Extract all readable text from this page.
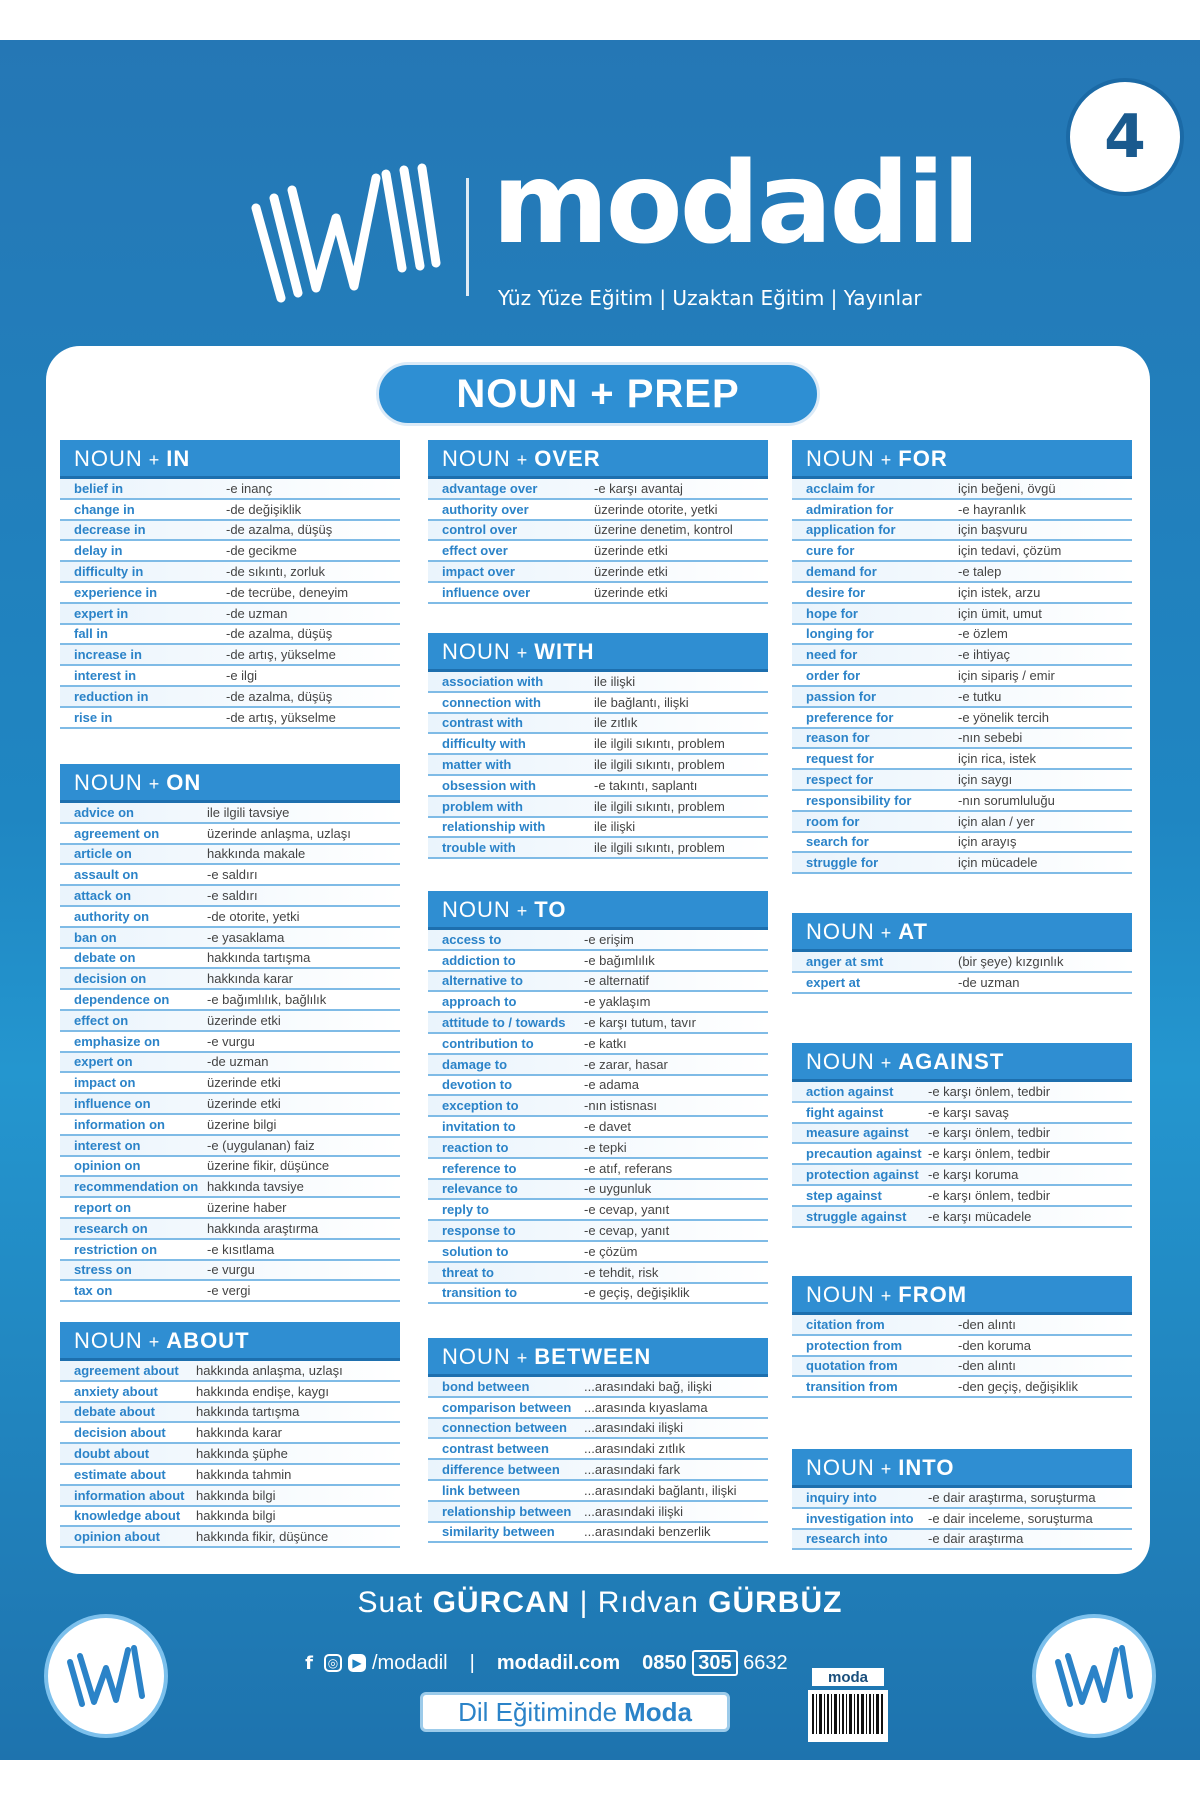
4
modadil
Yüz Yüze Eğitim | Uzaktan Eğitim | Yayınlar
NOUN + PREP
NOUN + IN
belief in	-e inanç
change in	-de değişiklik
decrease in	-de azalma, düşüş
delay in	-de gecikme
difficulty in	-de sıkıntı, zorluk
experience in	-de tecrübe, deneyim
expert in	-de uzman
fall in	-de azalma, düşüş
increase in	-de artış, yükselme
interest in	-e ilgi
reduction in	-de azalma, düşüş
rise in	-de artış, yükselme
NOUN + ON
advice on	ile ilgili tavsiye
agreement on	üzerinde anlaşma, uzlaşı
article on	hakkında makale
assault on	-e saldırı
attack on	-e saldırı
authority on	-de otorite, yetki
ban on	-e yasaklama
debate on	hakkında tartışma
decision on	hakkında karar
dependence on	-e bağımlılık, bağlılık
effect on	üzerinde etki
emphasize on	-e vurgu
expert on	-de uzman
impact on	üzerinde etki
influence on	üzerinde etki
information on	üzerine bilgi
interest on	-e (uygulanan) faiz
opinion on	üzerine fikir, düşünce
recommendation on hakkında tavsiye
report on	üzerine haber
research on	hakkında araştırma
restriction on	-e kısıtlama
stress on	-e vurgu
tax on	-e vergi
NOUN + ABOUT
agreement about	hakkında anlaşma, uzlaşı
anxiety about	hakkında endişe, kaygı
debate about	hakkında tartışma
decision about	hakkında karar
doubt about	hakkında şüphe
estimate about	hakkında tahmin
information about hakkında bilgi
knowledge about	hakkında bilgi
opinion about	hakkında fikir, düşünce
NOUN + OVER
advantage over	-e karşı avantaj
authority over	üzerinde otorite, yetki
control over	üzerine denetim, kontrol
effect over	üzerinde etki
impact over	üzerinde etki
influence over	üzerinde etki
NOUN + WITH
association with	ile ilişki
connection with	ile bağlantı, ilişki
contrast with	ile zıtlık
difficulty with	ile ilgili sıkıntı, problem
matter with	ile ilgili sıkıntı, problem
obsession with	-e takıntı, saplantı
problem with	ile ilgili sıkıntı, problem
relationship with	ile ilişki
trouble with	ile ilgili sıkıntı, problem
NOUN + TO
access to	-e erişim
addiction to	-e bağımlılık
alternative to	-e alternatif
approach to	-e yaklaşım
attitude to / towards	-e karşı tutum, tavır
contribution to	-e katkı
damage to	-e zarar, hasar
devotion to	-e adama
exception to	-nın istisnası
invitation to	-e davet
reaction to	-e tepki
reference to	-e atıf, referans
relevance to	-e uygunluk
reply to	-e cevap, yanıt
response to	-e cevap, yanıt
solution to	-e çözüm
threat to	-e tehdit, risk
transition to	-e geçiş, değişiklik
NOUN + BETWEEN
bond between	...arasındaki bağ, ilişki
comparison between ...arasında kıyaslama
connection between	...arasındaki ilişki
contrast between	...arasındaki zıtlık
difference between	...arasındaki fark
link between	...arasındaki bağlantı, ilişki
relationship between ...arasındaki ilişki
similarity between	...arasındaki benzerlik
NOUN + FOR
acclaim for	için beğeni, övgü
admiration for	-e hayranlık
application for	için başvuru
cure for	için tedavi, çözüm
demand for	-e talep
desire for	için istek, arzu
hope for	için ümit, umut
longing for	-e özlem
need for	-e ihtiyaç
order for	için sipariş / emir
passion for	-e tutku
preference for	-e yönelik tercih
reason for	-nın sebebi
request for	için rica, istek
respect for	için saygı
responsibility for	-nın sorumluluğu
room for	için alan / yer
search for	için arayış
struggle for	için mücadele
NOUN + AT
anger at smt	(bir şeye) kızgınlık
expert at	-de uzman
NOUN + AGAINST
action against	-e karşı önlem, tedbir
fight against	-e karşı savaş
measure against	-e karşı önlem, tedbir
precaution against -e karşı önlem, tedbir
protection against -e karşı koruma
step against	-e karşı önlem, tedbir
struggle against	-e karşı mücadele
NOUN + FROM
citation from	-den alıntı
protection from	-den koruma
quotation from	-den alıntı
transition from	-den geçiş, değişiklik
NOUN + INTO
inquiry into	-e dair araştırma, soruşturma
investigation into	-e dair inceleme, soruşturma
research into	-e dair araştırma
Suat GÜRCAN | Rıdvan GÜRBÜZ
f	◎	▶ /modadil | modadil.com 0850 305 6632
Dil Eğitiminde Moda
moda
